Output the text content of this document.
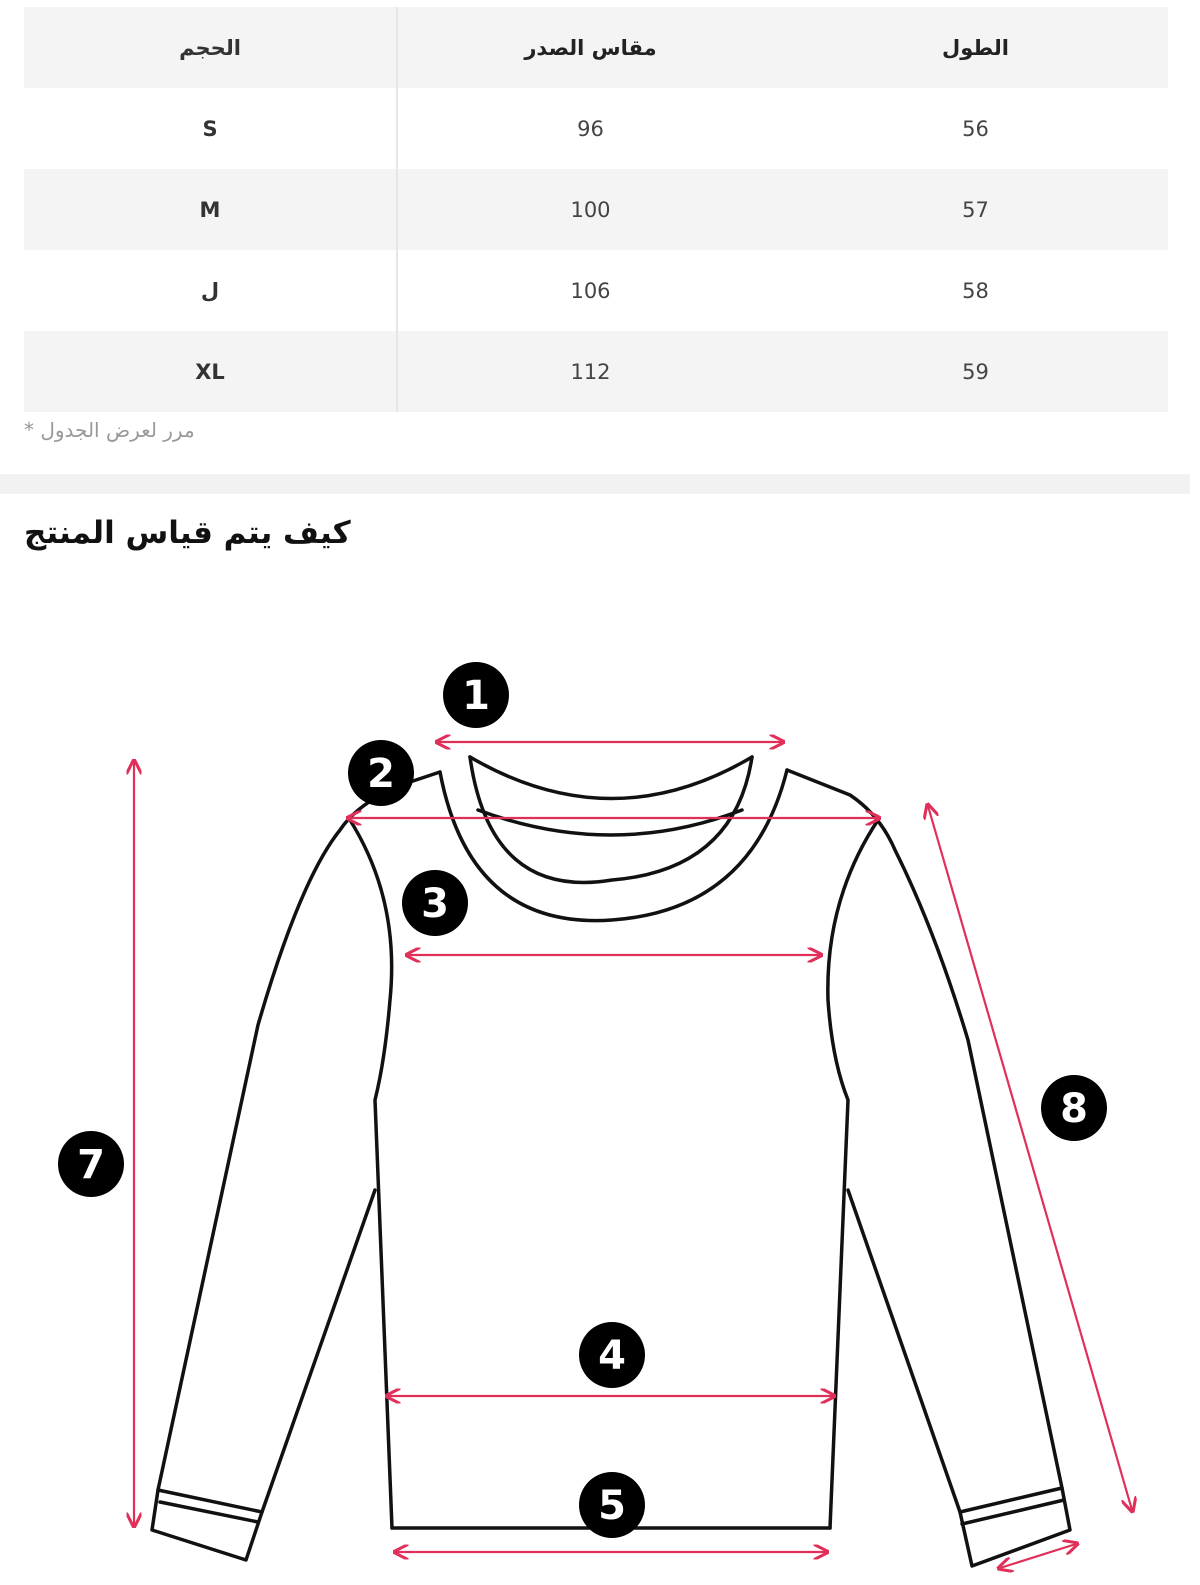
الحجم	مقاس الصدر	الطول
S	96	56
M	100	57
ل	106	58
XL	112	59
مرر لعرض الجدول *
كيف يتم قياس المنتج
1
2
3
4
5
7
8
